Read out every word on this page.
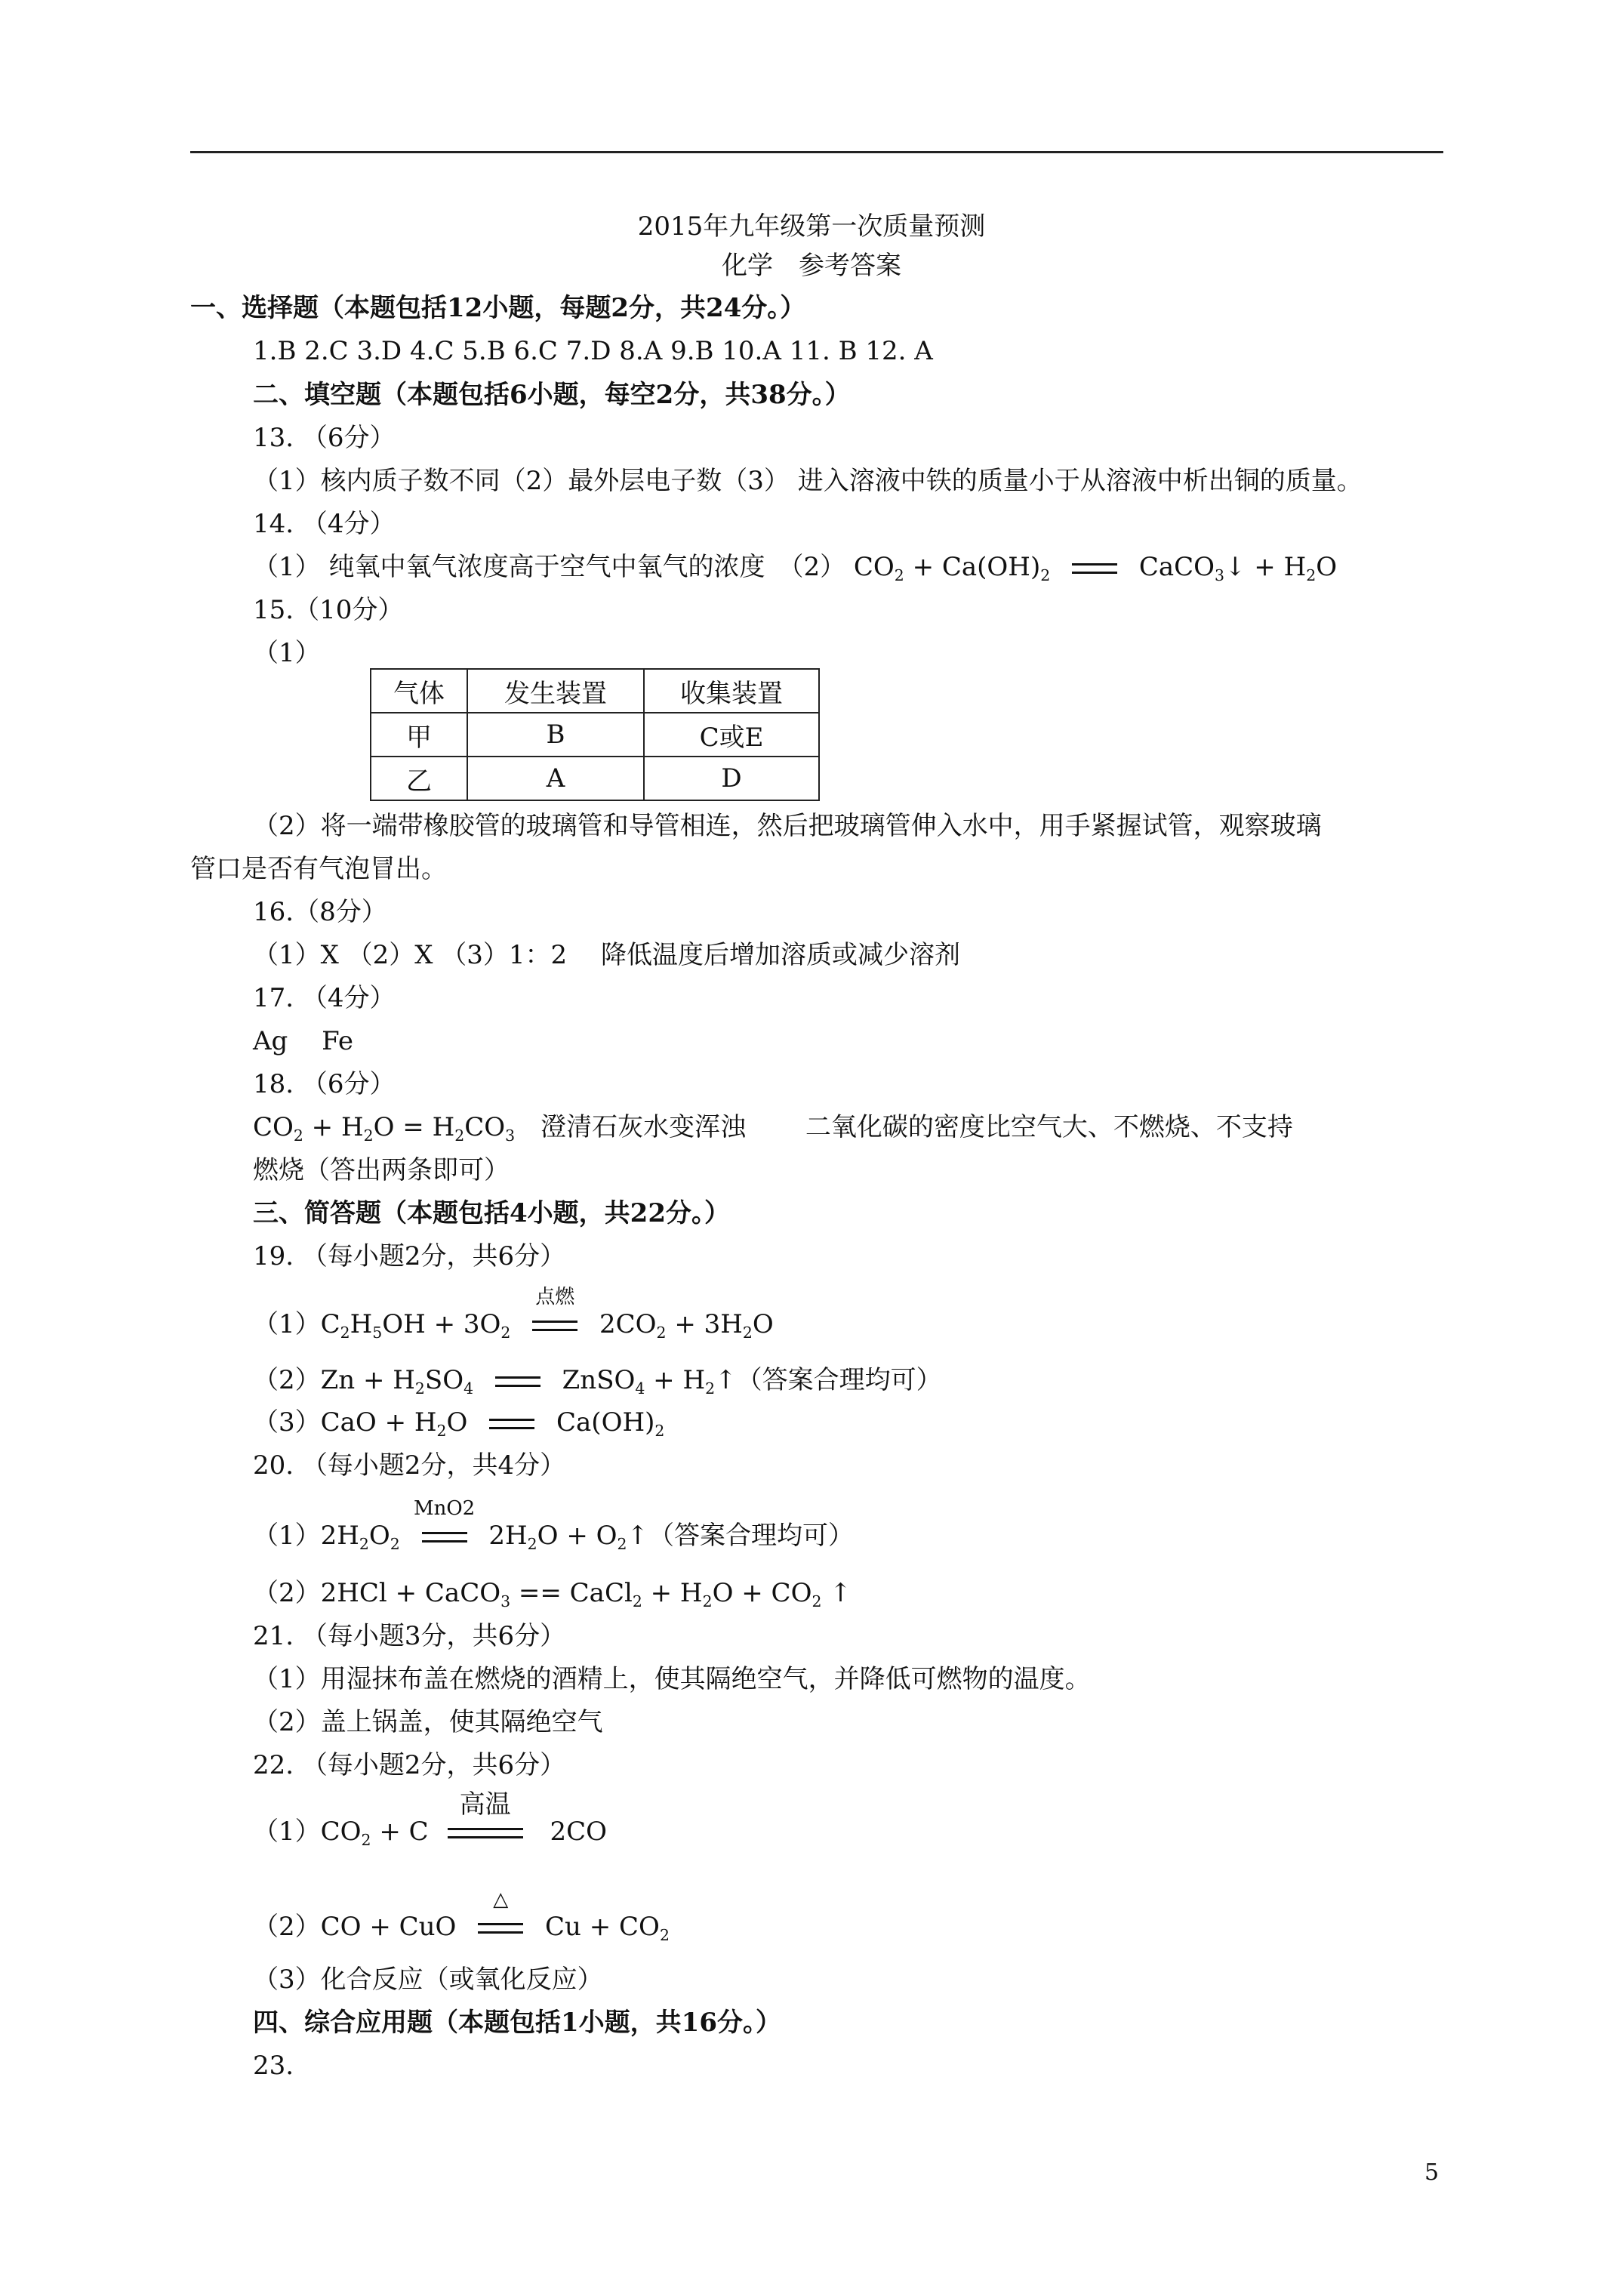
2015年九年级第一次质量预测
化学　参考答案
一、选择题（本题包括12小题，每题2分，共24分。）
1.B 2.C 3.D 4.C 5.B 6.C 7.D 8.A 9.B 10.A 11. B 12. A
二、填空题（本题包括6小题，每空2分，共38分。）
13. （6分）
（1）核内质子数不同（2）最外层电子数（3） 进入溶液中铁的质量小于从溶液中析出铜的质量。
14. （4分）
（1） 纯氧中氧气浓度高于空气中氧气的浓度　（2） $CO_2 + Ca(OH)_2$	CaCO$_3$↓ + $H_2O$
15.（10分）
（1）
气体	发生装置	收集装置
甲	B	C或E
乙	A	D
（2）将一端带橡胶管的玻璃管和导管相连，然后把玻璃管伸入水中，用手紧握试管，观察玻璃
管口是否有气泡冒出。
16.（8分）
（1）X （2）X （3）1：2　 降低温度后增加溶质或减少溶剂
17. （4分）
Ag　 Fe
18. （6分）
$CO_2 + H_2O = H_2CO_3$　澄清石灰水变浑浊　　 二氧化碳的密度比空气大、不燃烧、不支持
燃烧（答出两条即可）
三、简答题（本题包括4小题，共22分。）
19. （每小题2分，共6分）
$(1)C_2H_5OH + 3O_2$
点燃
$2CO_2 + 3H_2O$
$(2)Zn + H_2SO_4$	ZnSO$_4$ + $H_2↑$（答案合理均可）
$(3)CaO + H_2O$	$Ca(OH)_2$
20. （每小题2分，共4分）
$(1)2H_2O_2$
MnO2
$2H_2O$ + $O_2↑$（答案合理均可）
（2）2HCl + CaCO$_3$ == CaCl$_2$ + $H_2O + CO_2$ ↑
21. （每小题3分，共6分）
（1）用湿抹布盖在燃烧的酒精上，使其隔绝空气，并降低可燃物的温度。
（2）盖上锅盖，使其隔绝空气
22. （每小题2分，共6分）
$(1)CO_2 + C$
高温
2CO
（2）CO + CuO
△
$Cu + CO_2$
（3）化合反应（或氧化反应）
四、综合应用题（本题包括1小题，共16分。）
23.
5
